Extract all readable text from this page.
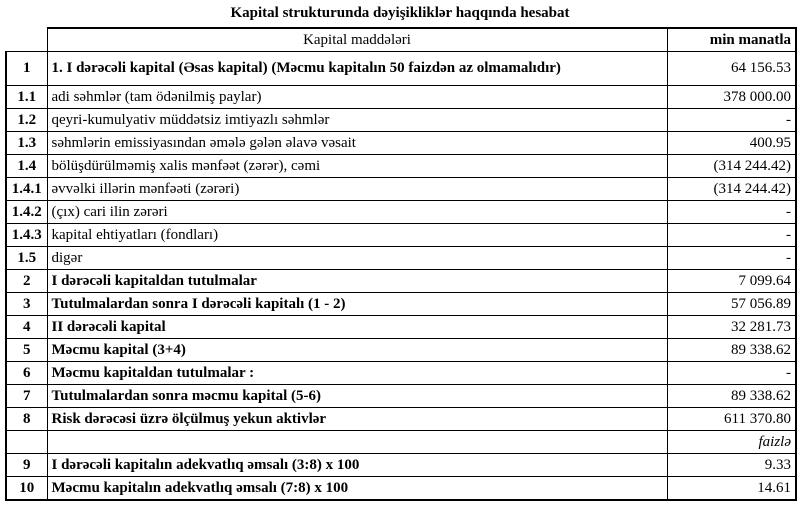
Kapital strukturunda dəyişikliklər haqqında hesabat
	Kapital maddələri	min manatla
1	1. I dərəcəli kapital (Əsas kapital) (Məcmu kapitalın 50 faizdən az olmamalıdır)	64 156.53
1.1	adi səhmlər (tam ödənilmiş paylar)	378 000.00
1.2	qeyri-kumulyativ müddətsiz imtiyazlı səhmlər	-
1.3	səhmlərin emissiyasından əmələ gələn əlavə vəsait	400.95
1.4	bölüşdürülməmiş xalis mənfəət (zərər), cəmi	(314 244.42)
1.4.1	əvvəlki illərin mənfəəti (zərəri)	(314 244.42)
1.4.2	(çıx) cari ilin zərəri	-
1.4.3	kapital ehtiyatları (fondları)	-
1.5	digər	-
2	I dərəcəli kapitaldan tutulmalar	7 099.64
3	Tutulmalardan sonra I dərəcəli kapitalı (1 - 2)	57 056.89
4	II dərəcəli kapital	32 281.73
5	Məcmu kapital (3+4)	89 338.62
6	Məcmu kapitaldan tutulmalar :	-
7	Tutulmalardan sonra məcmu kapital (5-6)	89 338.62
8	Risk dərəcəsi üzrə ölçülmuş yekun aktivlər	611 370.80
		faizlə
9	I dərəcəli kapitalın adekvatlıq əmsalı (3:8) x 100	9.33
10	Məcmu kapitalın adekvatlıq əmsalı (7:8) x 100	14.61
